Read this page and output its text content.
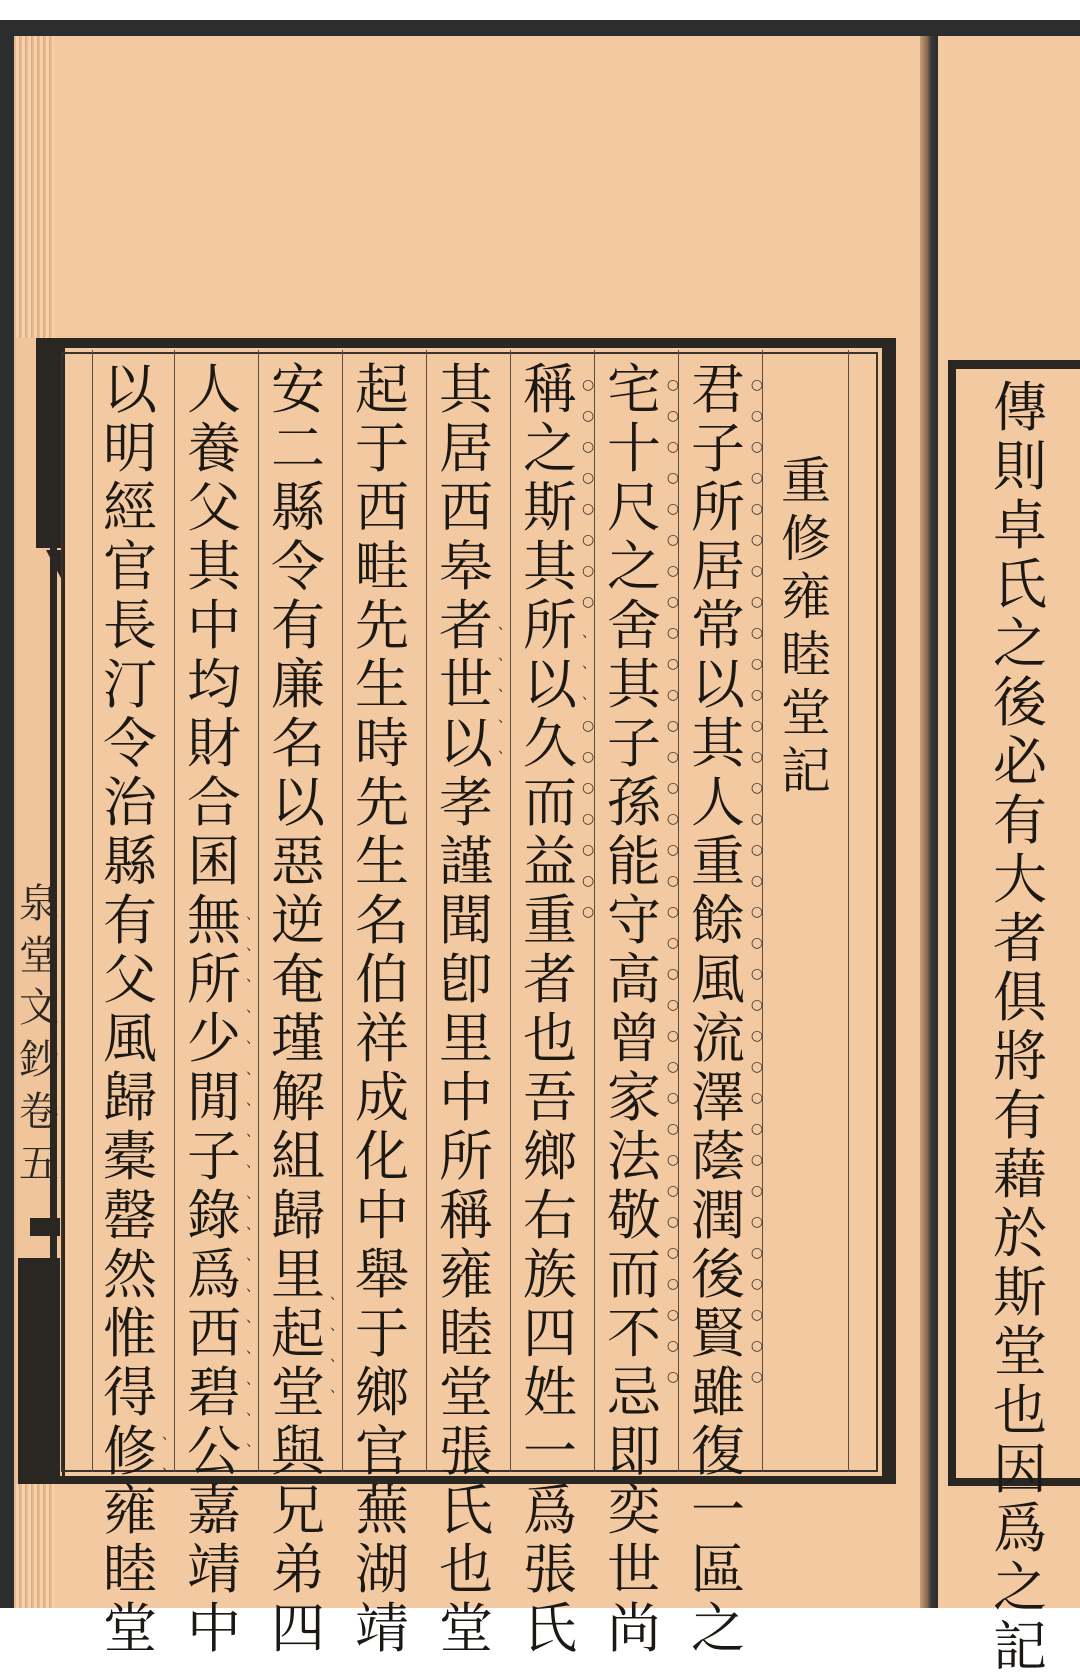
泉
堂
文
鈔
卷
五
重
修
雍
睦
堂
記
君
子
所
居
常
以
其
人
重
餘
風
流
澤
蔭
潤
後
賢
雖
復
一
區
之
宅
十
尺
之
舍
其
子
孫
能
守
高
曾
家
法
敬
而
不
忌
即
奕
世
尚
稱
之
斯
其
所
以
久
而
益
重
者
也
吾
鄉
右
族
四
姓
一
爲
張
氏
其
居
西
皋
者
世
以
孝
謹
聞
卽
里
中
所
稱
雍
睦
堂
張
氏
也
堂
起
于
西
畦
先
生
時
先
生
名
伯
祥
成
化
中
舉
于
鄉
官
蕪
湖
靖
安
二
縣
令
有
廉
名
以
惡
逆
奄
瑾
解
組
歸
里
起
堂
與
兄
弟
四
人
養
父
其
中
均
財
合
囷
無
所
少
閒
子
錄
爲
西
碧
公
嘉
靖
中
以
明
經
官
長
汀
令
治
縣
有
父
風
歸
橐
罄
然
惟
得
修
雍
睦
堂
○
○
○
○
○
○
○
○
○
○
○
○
○
○
○
○
○
○
○
○
○
○
○
○
○
○
○
○
○
○
○
○
○
○
○
○
○
○
○
○
○
○
○
○
○
○
○
○
○
○
○
○
○
○
○
○
○
○
○
○
○
○
○
○
○
○
○
○
○
○
○
○
○
○
、
、
、
○
○
○
○
○
○
○
、
、
、
、
、
、
、
、
、
、
、
、
、
、
、
、
、
、
、
、
、
、
、
、
、
、
、
、
、
傳
則
卓
氏
之
後
必
有
大
者
俱
將
有
藉
於
斯
堂
也
因
爲
之
記
